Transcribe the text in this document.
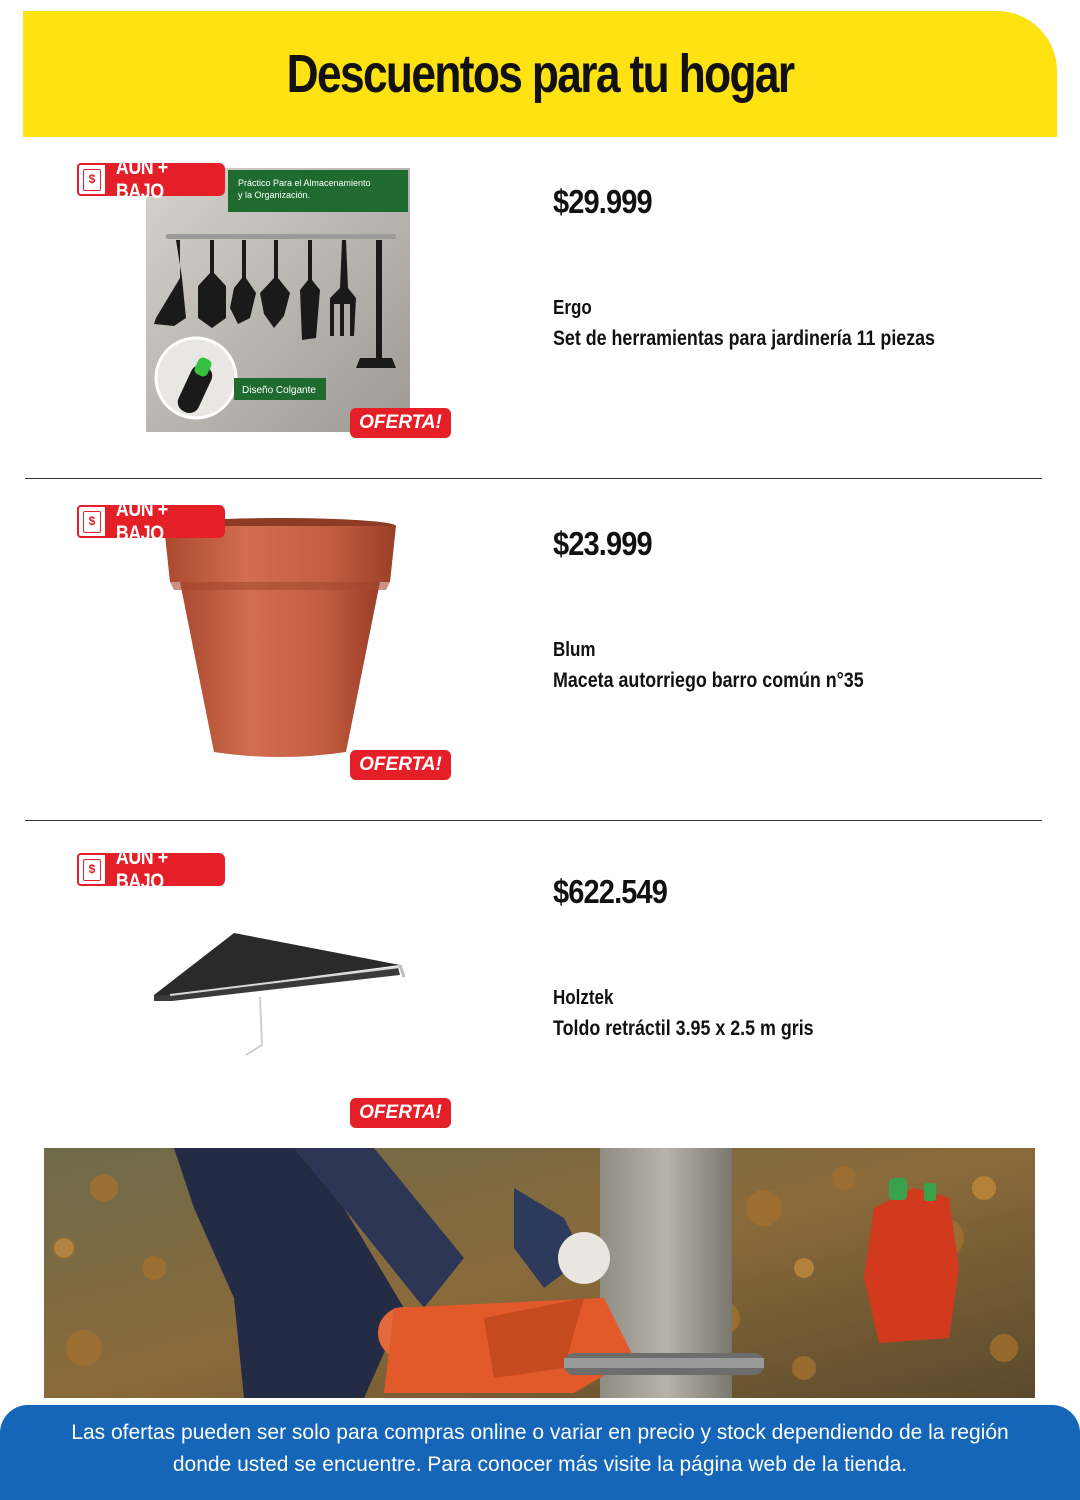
Descuentos para tu hogar
$ AUN + BAJO	Práctico Para el Almacenamiento
y la Organización.
Diseño Colgante
OFERTA!
$29.999
Ergo
Set de herramientas para jardinería 11 piezas
$ AUN + BAJO
OFERTA!
$23.999
Blum
Maceta autorriego barro común n°35
$ AUN + BAJO
OFERTA!
$622.549
Holztek
Toldo retráctil 3.95 x 2.5 m gris

Las ofertas pueden ser solo para compras online o variar en precio y stock dependiendo de la región donde usted se encuentre. Para conocer más visite la página web de la tienda.
